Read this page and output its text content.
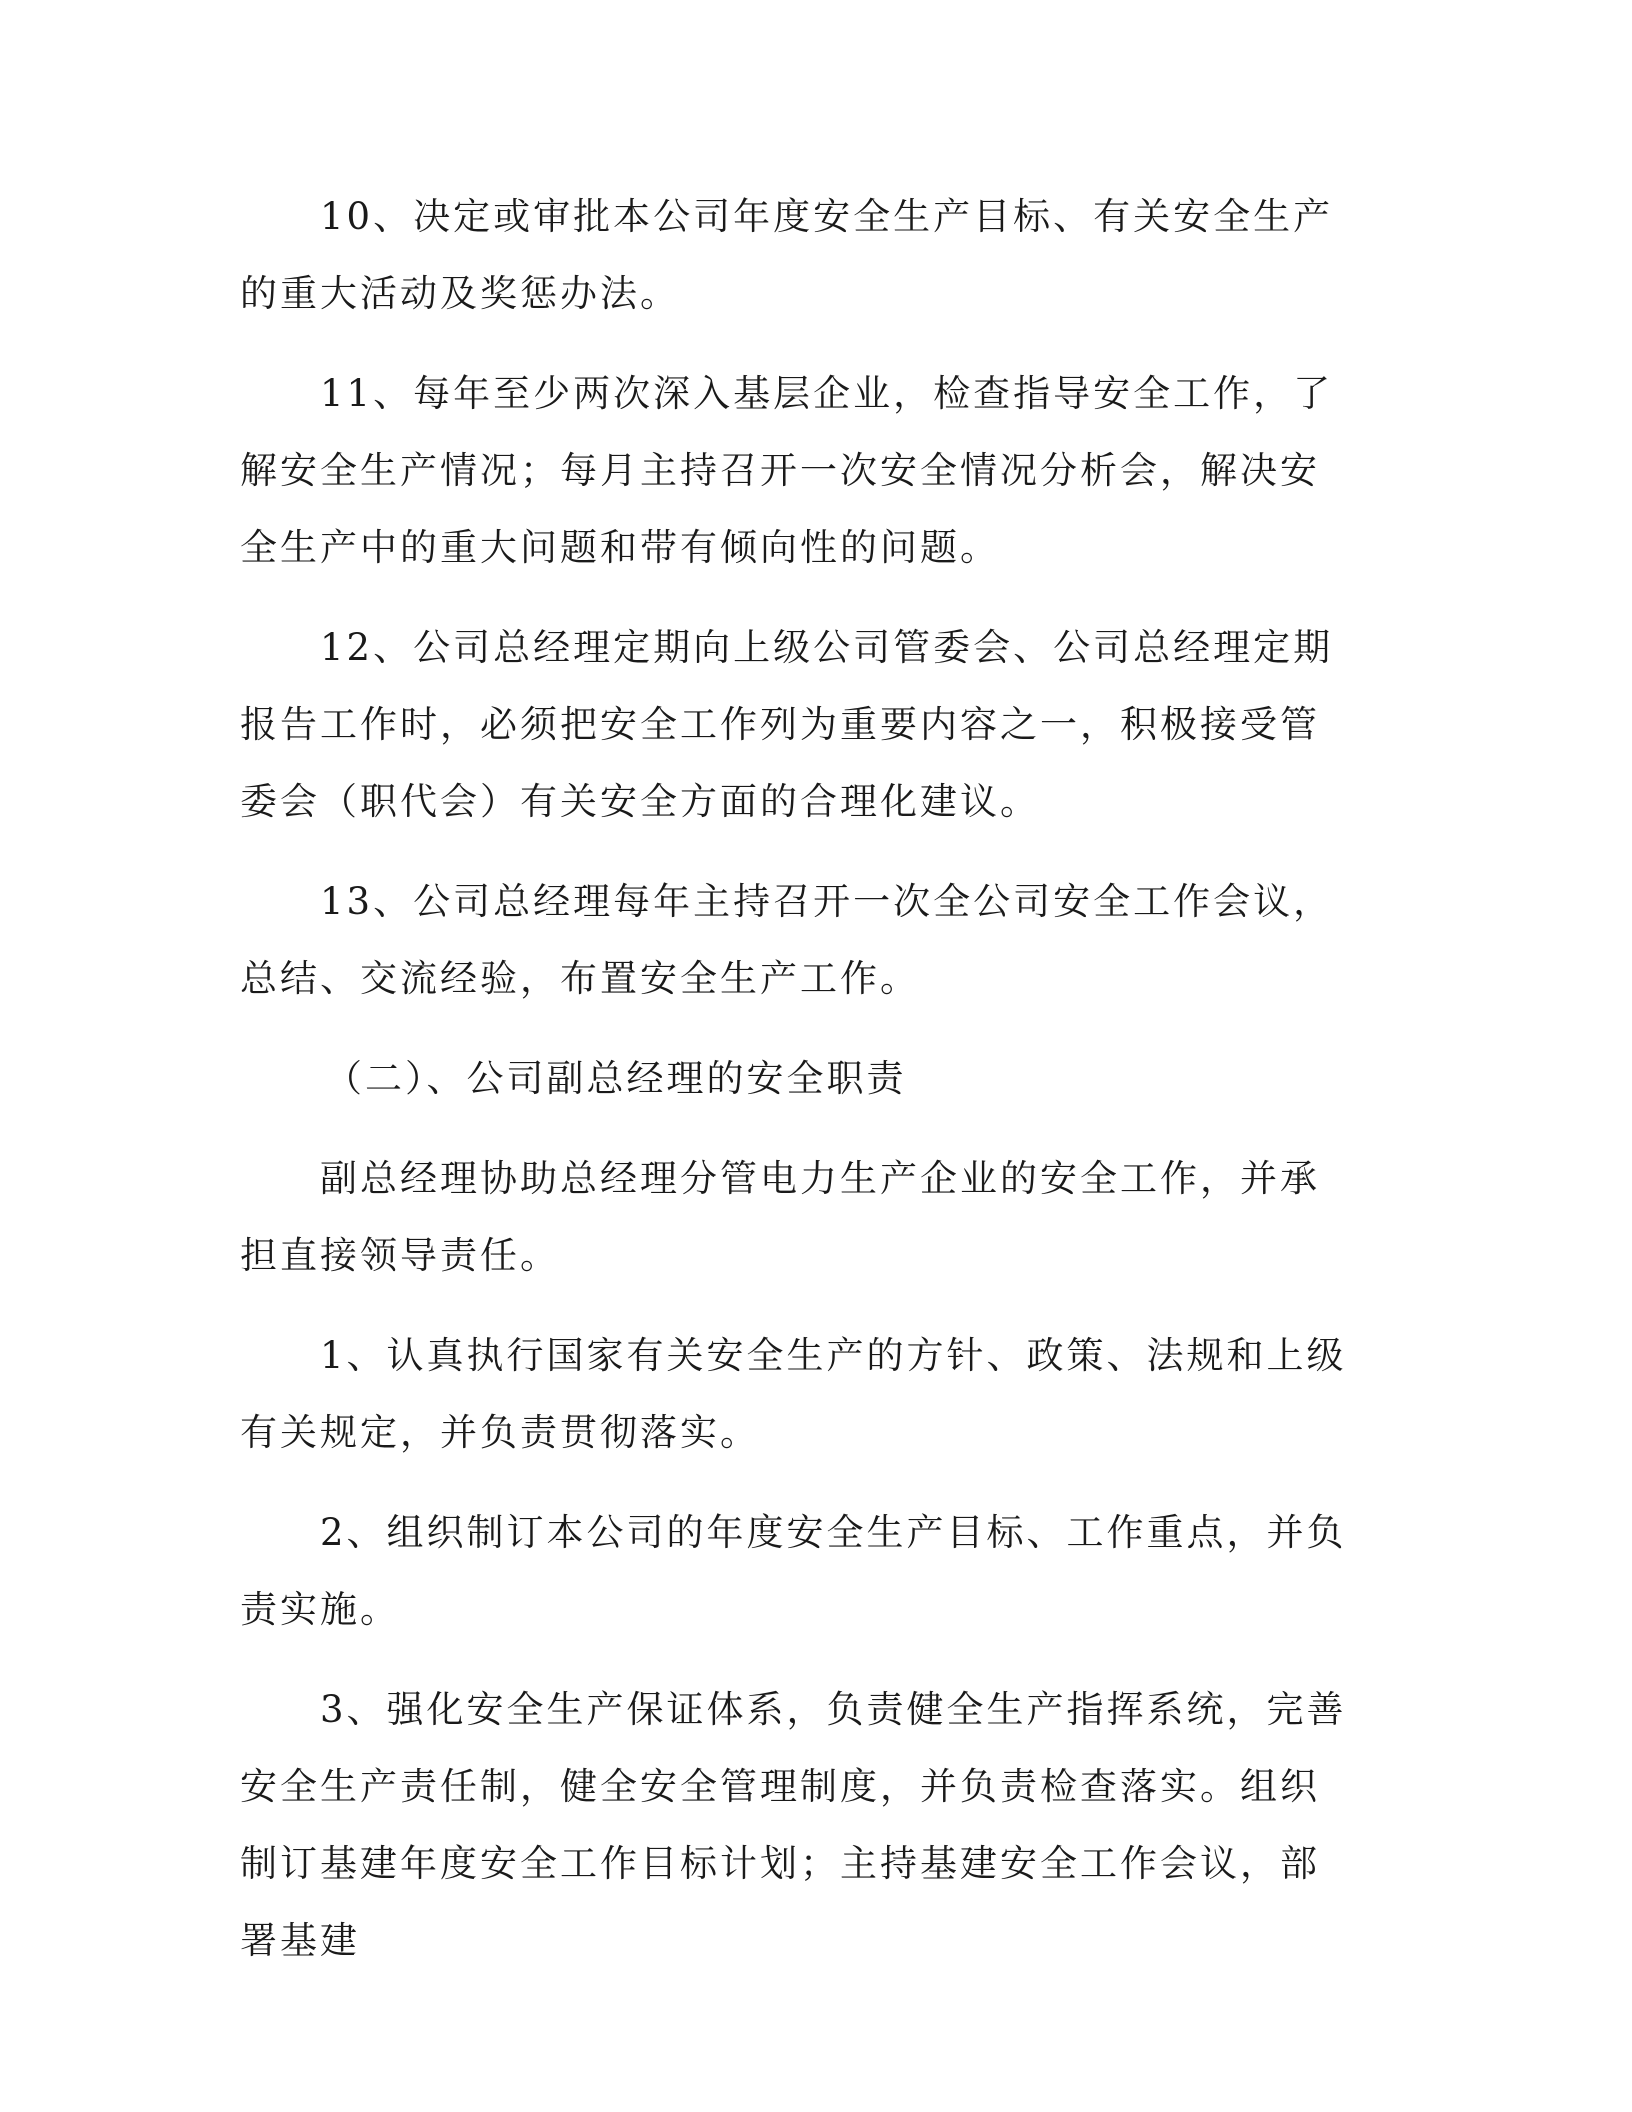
10、决定或审批本公司年度安全生产目标、有关安全生产的重大活动及奖惩办法。

11、每年至少两次深入基层企业，检查指导安全工作，了解安全生产情况；每月主持召开一次安全情况分析会，解决安全生产中的重大问题和带有倾向性的问题。

12、公司总经理定期向上级公司管委会、公司总经理定期报告工作时，必须把安全工作列为重要内容之一，积极接受管委会（职代会）有关安全方面的合理化建议。

13、公司总经理每年主持召开一次全公司安全工作会议，总结、交流经验，布置安全生产工作。

（二）、公司副总经理的安全职责

副总经理协助总经理分管电力生产企业的安全工作，并承担直接领导责任。

1、认真执行国家有关安全生产的方针、政策、法规和上级有关规定，并负责贯彻落实。

2、组织制订本公司的年度安全生产目标、工作重点，并负责实施。

3、强化安全生产保证体系，负责健全生产指挥系统，完善安全生产责任制，健全安全管理制度，并负责检查落实。组织制订基建年度安全工作目标计划；主持基建安全工作会议，部署基建
